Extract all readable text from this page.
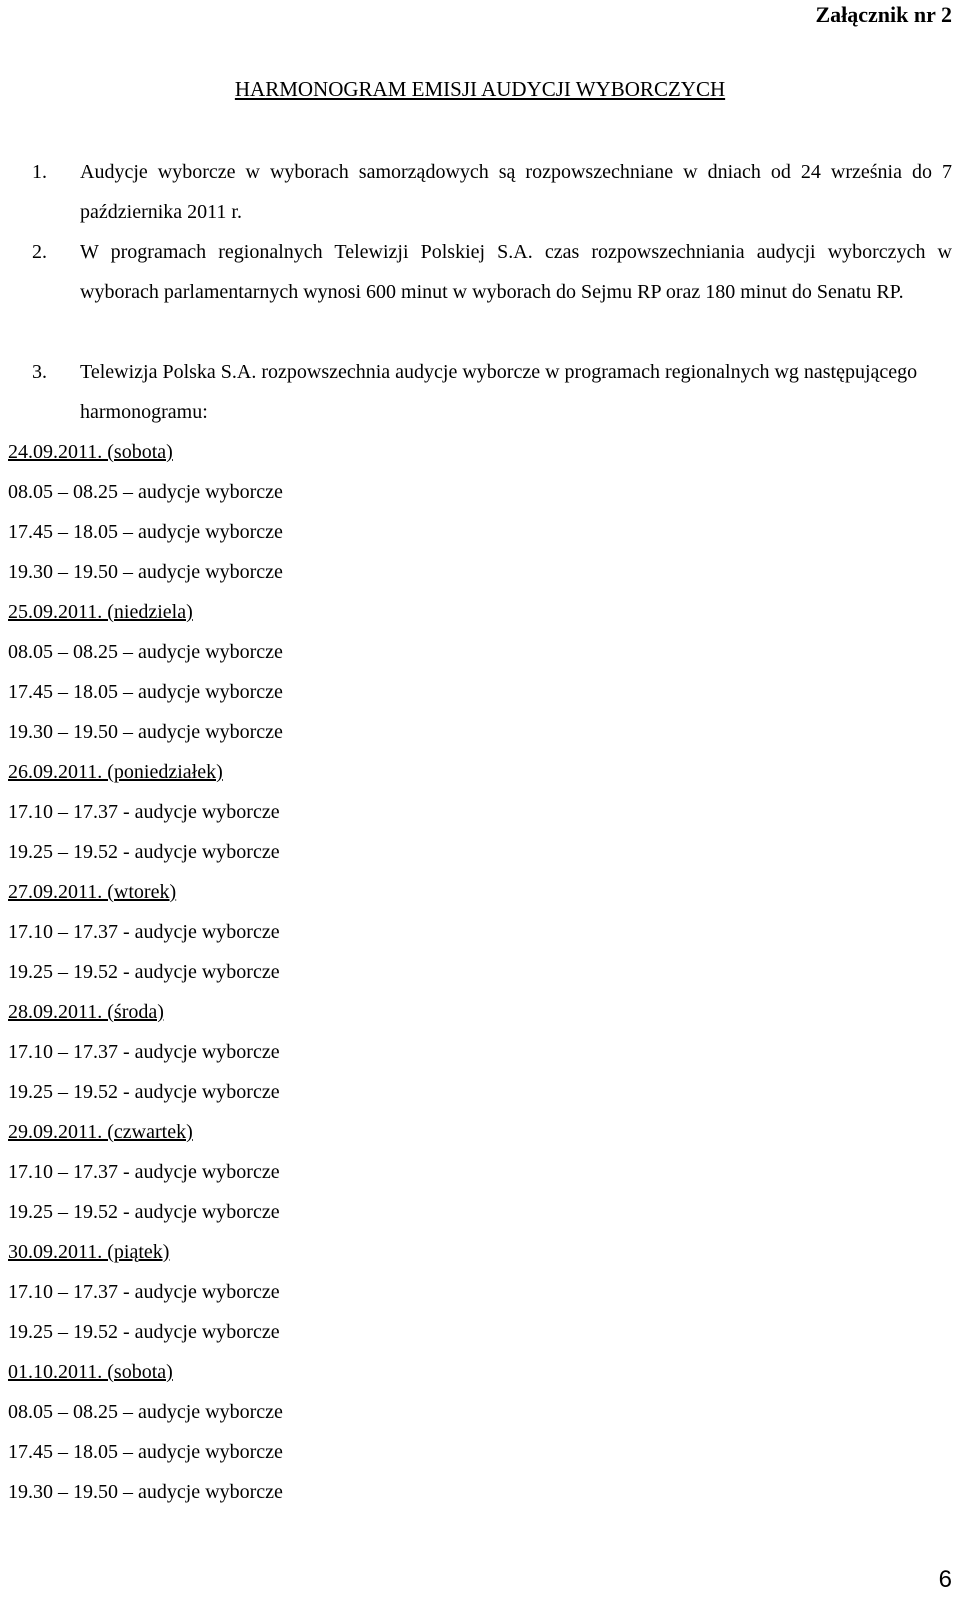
Załącznik nr 2
HARMONOGRAM EMISJI AUDYCJI WYBORCZYCH
1. Audycje wyborcze w wyborach samorządowych są rozpowszechniane w dniach od 24 września do 7 października 2011 r.
2. W programach regionalnych Telewizji Polskiej S.A. czas rozpowszechniania audycji wyborczych w wyborach parlamentarnych wynosi 600 minut w wyborach do Sejmu RP oraz 180 minut do Senatu RP.
3. Telewizja Polska S.A. rozpowszechnia audycje wyborcze w programach regionalnych wg następującego harmonogramu:
24.09.2011. (sobota)
08.05 – 08.25 – audycje wyborcze
17.45 – 18.05 – audycje wyborcze
19.30 – 19.50 – audycje wyborcze
25.09.2011. (niedziela)
08.05 – 08.25 – audycje wyborcze
17.45 – 18.05 – audycje wyborcze
19.30 – 19.50 – audycje wyborcze
26.09.2011. (poniedziałek)
17.10 – 17.37 - audycje wyborcze
19.25 – 19.52 - audycje wyborcze
27.09.2011. (wtorek)
17.10 – 17.37 - audycje wyborcze
19.25 – 19.52 - audycje wyborcze
28.09.2011. (środa)
17.10 – 17.37 - audycje wyborcze
19.25 – 19.52 - audycje wyborcze
29.09.2011. (czwartek)
17.10 – 17.37 - audycje wyborcze
19.25 – 19.52 - audycje wyborcze
30.09.2011. (piątek)
17.10 – 17.37 - audycje wyborcze
19.25 – 19.52 - audycje wyborcze
01.10.2011. (sobota)
08.05 – 08.25 – audycje wyborcze
17.45 – 18.05 – audycje wyborcze
19.30 – 19.50 – audycje wyborcze
6
